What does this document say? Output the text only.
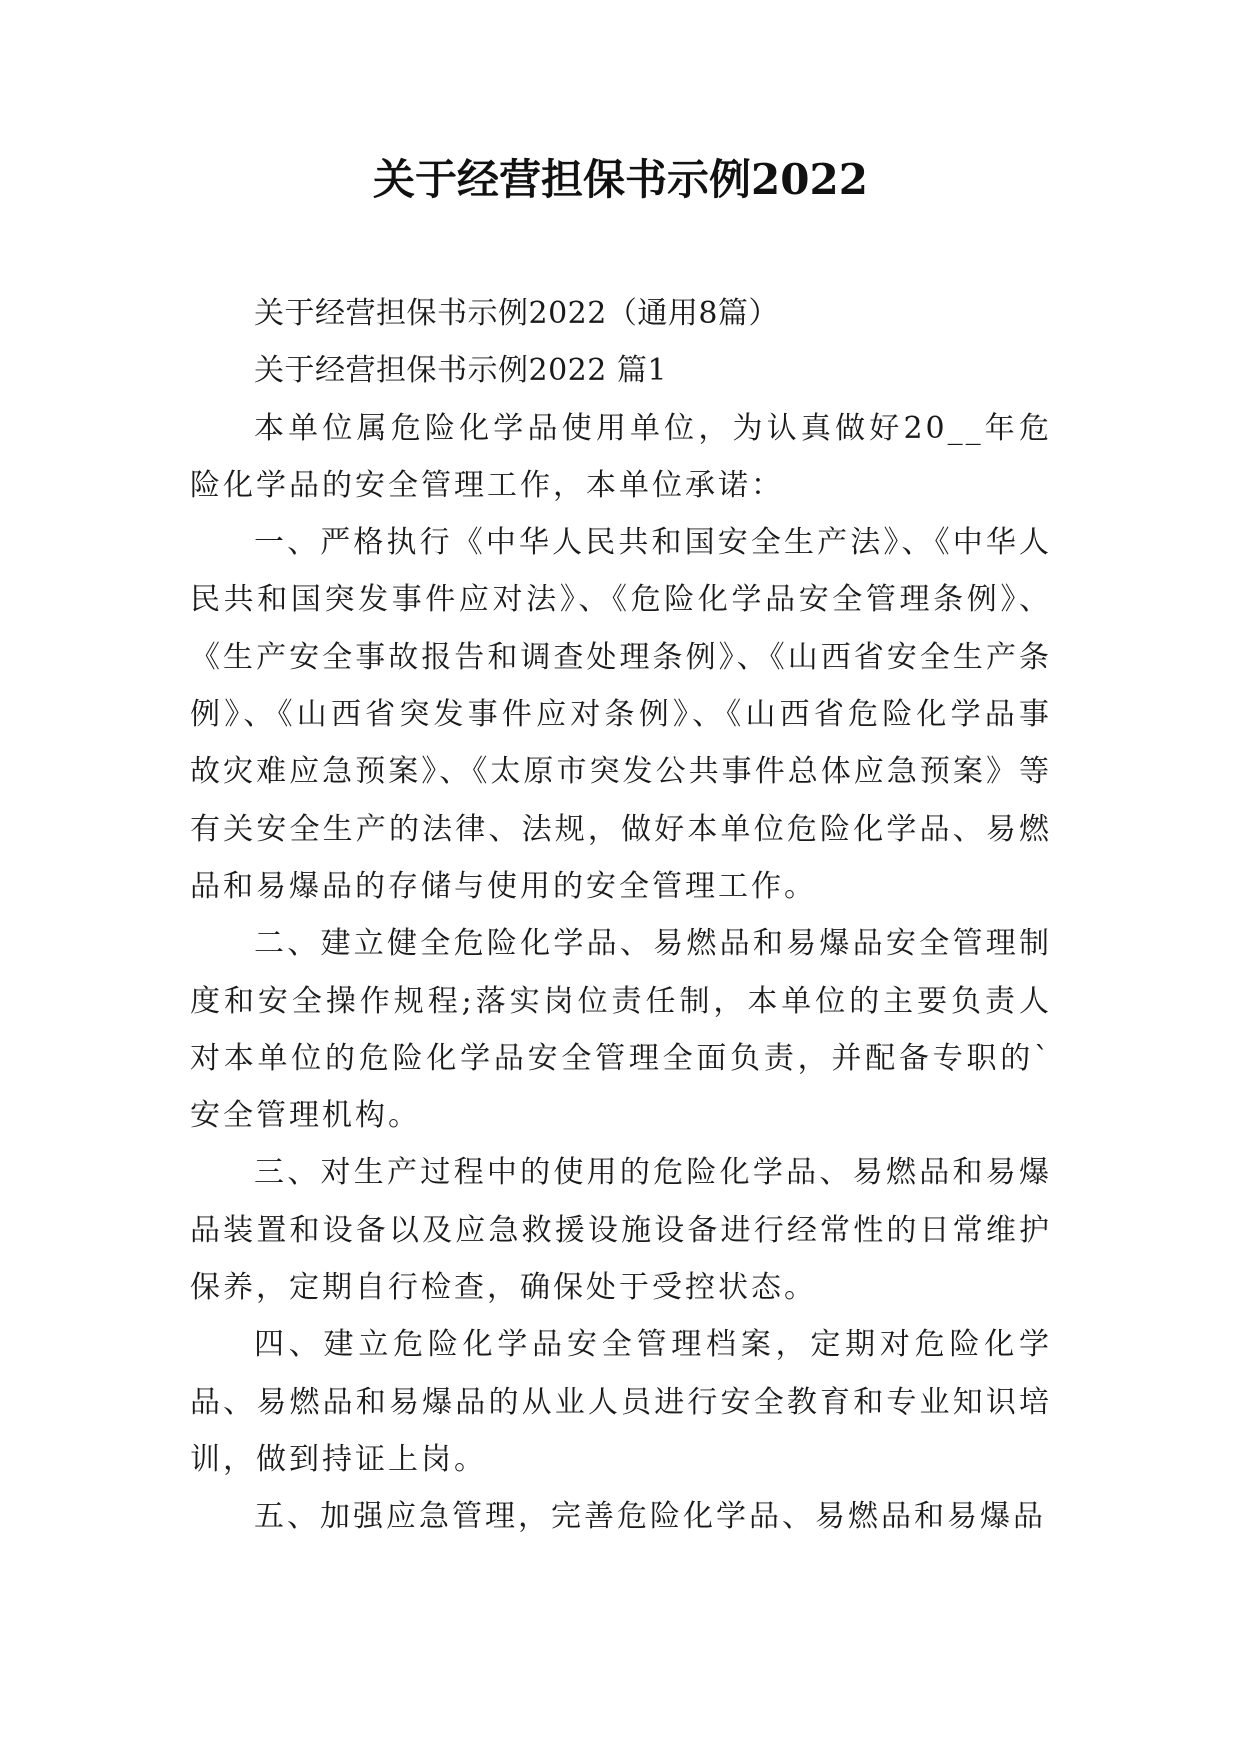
关于经营担保书示例2022

关于经营担保书示例2022（通用8篇）

关于经营担保书示例2022 篇1

本单位属危险化学品使用单位，为认真做好20__年危险化学品的安全管理工作，本单位承诺：

一、严格执行《中华人民共和国安全生产法》、《中华人民共和国突发事件应对法》、《危险化学品安全管理条例》、《生产安全事故报告和调查处理条例》、《山西省安全生产条例》、《山西省突发事件应对条例》、《山西省危险化学品事故灾难应急预案》、《太原市突发公共事件总体应急预案》等有关安全生产的法律、法规，做好本单位危险化学品、易燃品和易爆品的存储与使用的安全管理工作。

二、建立健全危险化学品、易燃品和易爆品安全管理制度和安全操作规程;落实岗位责任制，本单位的主要负责人对本单位的危险化学品安全管理全面负责，并配备专职的`安全管理机构。

三、对生产过程中的使用的危险化学品、易燃品和易爆品装置和设备以及应急救援设施设备进行经常性的日常维护保养，定期自行检查，确保处于受控状态。

四、建立危险化学品安全管理档案，定期对危险化学品、易燃品和易爆品的从业人员进行安全教育和专业知识培训，做到持证上岗。

五、加强应急管理，完善危险化学品、易燃品和易爆品
